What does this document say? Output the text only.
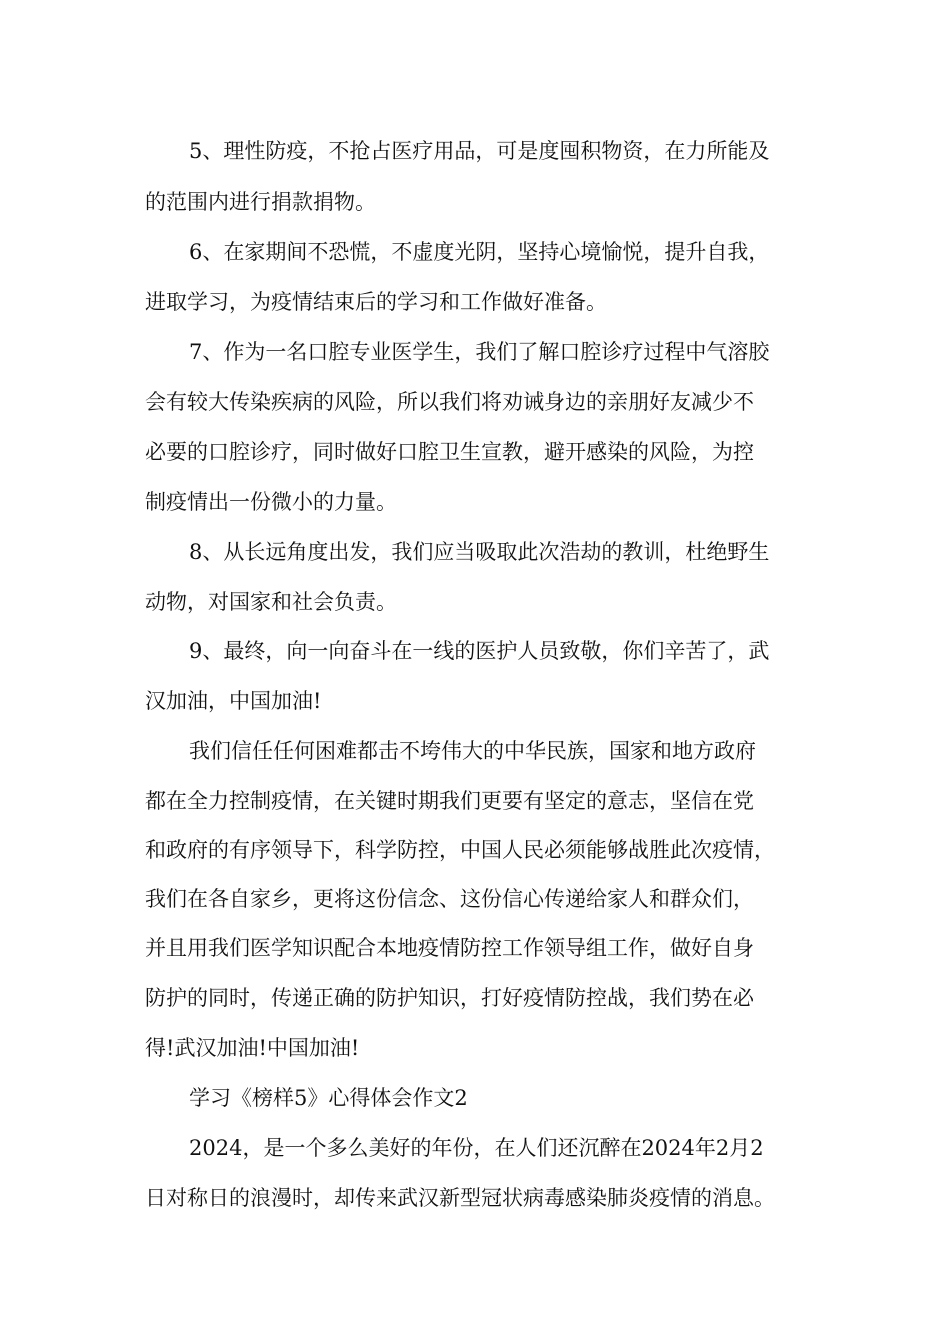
5、理性防疫，不抢占医疗用品，可是度囤积物资，在力所能及

的范围内进行捐款捐物。

6、在家期间不恐慌，不虚度光阴，坚持心境愉悦，提升自我，

进取学习，为疫情结束后的学习和工作做好准备。

7、作为一名口腔专业医学生，我们了解口腔诊疗过程中气溶胶

会有较大传染疾病的风险，所以我们将劝诫身边的亲朋好友减少不

必要的口腔诊疗，同时做好口腔卫生宣教，避开感染的风险，为控

制疫情出一份微小的力量。

8、从长远角度出发，我们应当吸取此次浩劫的教训，杜绝野生

动物，对国家和社会负责。

9、最终，向一向奋斗在一线的医护人员致敬，你们辛苦了，武

汉加油，中国加油!

我们信任任何困难都击不垮伟大的中华民族，国家和地方政府

都在全力控制疫情，在关键时期我们更要有坚定的意志，坚信在党

和政府的有序领导下，科学防控，中国人民必须能够战胜此次疫情，

我们在各自家乡，更将这份信念、这份信心传递给家人和群众们，

并且用我们医学知识配合本地疫情防控工作领导组工作，做好自身

防护的同时，传递正确的防护知识，打好疫情防控战，我们势在必

得!武汉加油!中国加油!

学习《榜样5》心得体会作文2

2024，是一个多么美好的年份，在人们还沉醉在2024年2月2

日对称日的浪漫时，却传来武汉新型冠状病毒感染肺炎疫情的消息。
